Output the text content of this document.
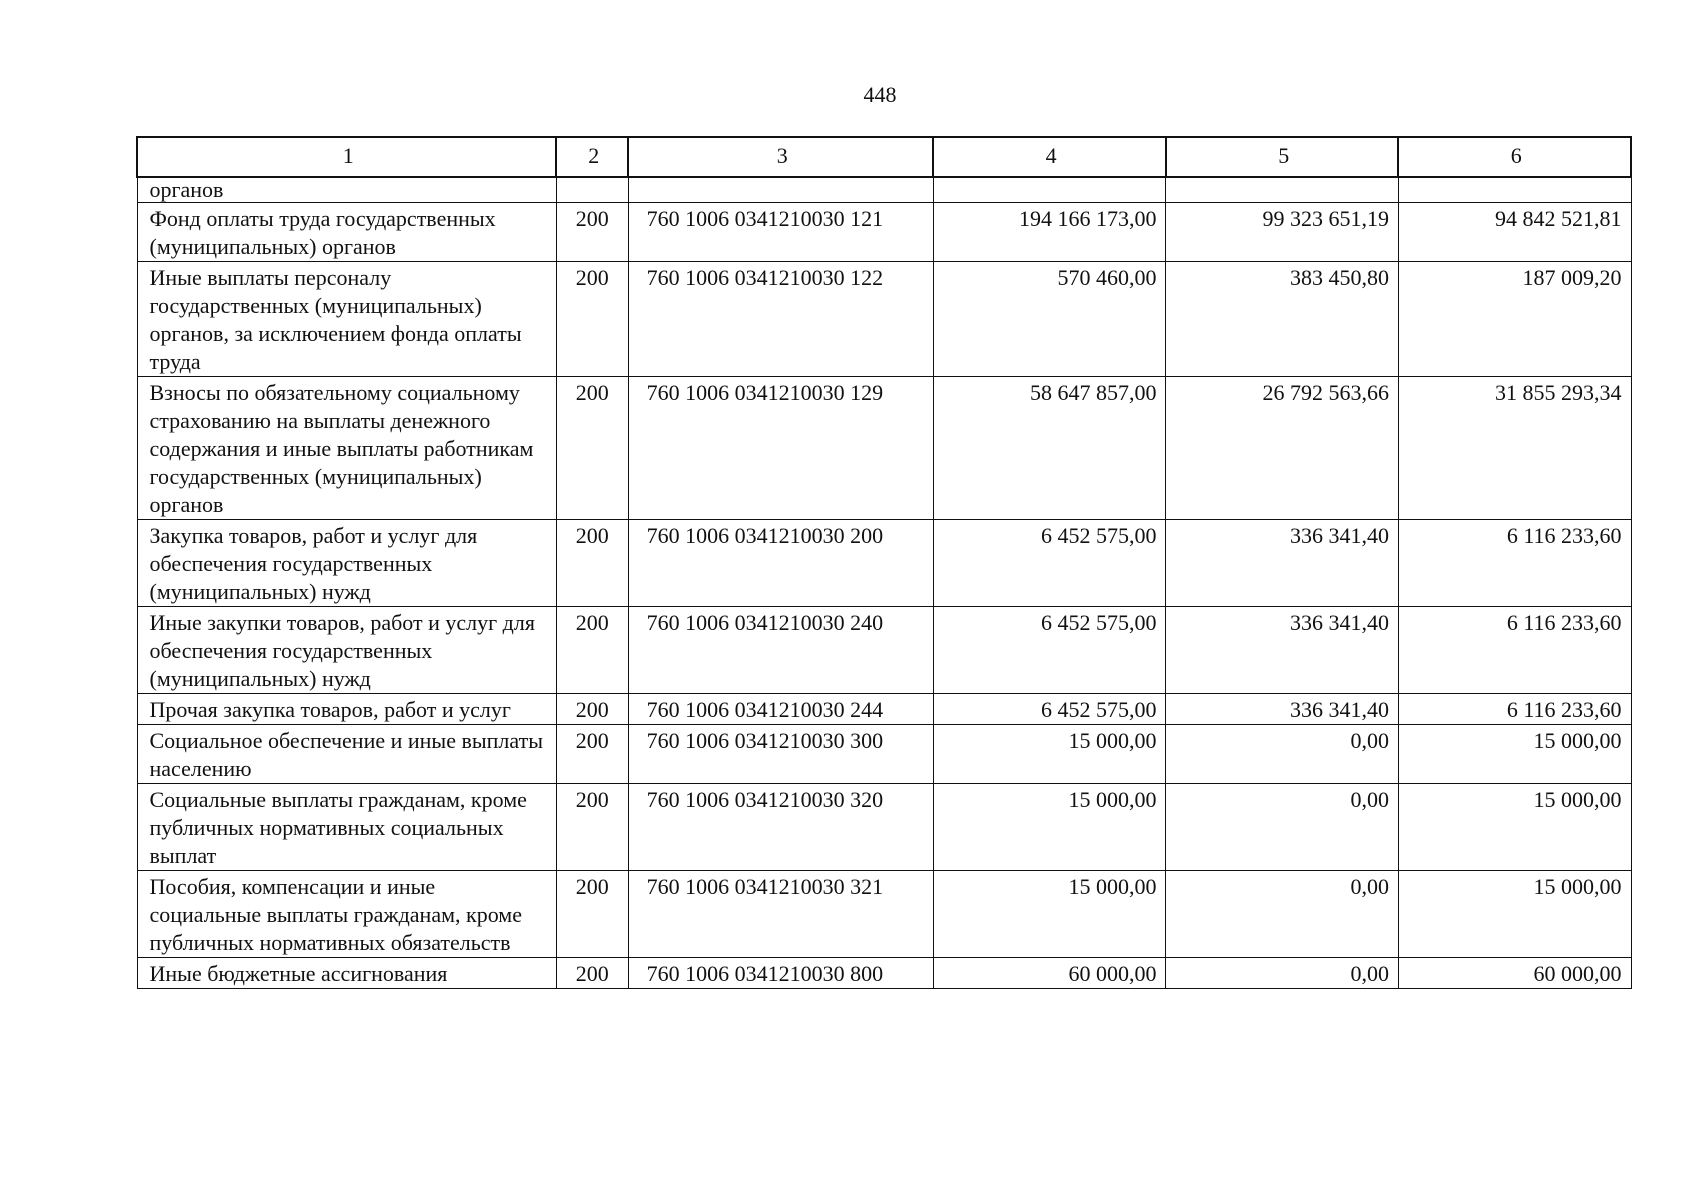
448
1	2	3	4	5	6
органов					
Фонд оплаты труда государственных (муниципальных) органов	200	760 1006 0341210030 121	194 166 173,00	99 323 651,19	94 842 521,81
Иные выплаты персоналу государственных (муниципальных) органов, за исключением фонда оплаты труда	200	760 1006 0341210030 122	570 460,00	383 450,80	187 009,20
Взносы по обязательному социальному страхованию на выплаты денежного содержания и иные выплаты работникам государственных (муниципальных) органов	200	760 1006 0341210030 129	58 647 857,00	26 792 563,66	31 855 293,34
Закупка товаров, работ и услуг для обеспечения государственных (муниципальных) нужд	200	760 1006 0341210030 200	6 452 575,00	336 341,40	6 116 233,60
Иные закупки товаров, работ и услуг для обеспечения государственных (муниципальных) нужд	200	760 1006 0341210030 240	6 452 575,00	336 341,40	6 116 233,60
Прочая закупка товаров, работ и услуг	200	760 1006 0341210030 244	6 452 575,00	336 341,40	6 116 233,60
Социальное обеспечение и иные выплаты населению	200	760 1006 0341210030 300	15 000,00	0,00	15 000,00
Социальные выплаты гражданам, кроме публичных нормативных социальных выплат	200	760 1006 0341210030 320	15 000,00	0,00	15 000,00
Пособия, компенсации и иные социальные выплаты гражданам, кроме публичных нормативных обязательств	200	760 1006 0341210030 321	15 000,00	0,00	15 000,00
Иные бюджетные ассигнования	200	760 1006 0341210030 800	60 000,00	0,00	60 000,00
